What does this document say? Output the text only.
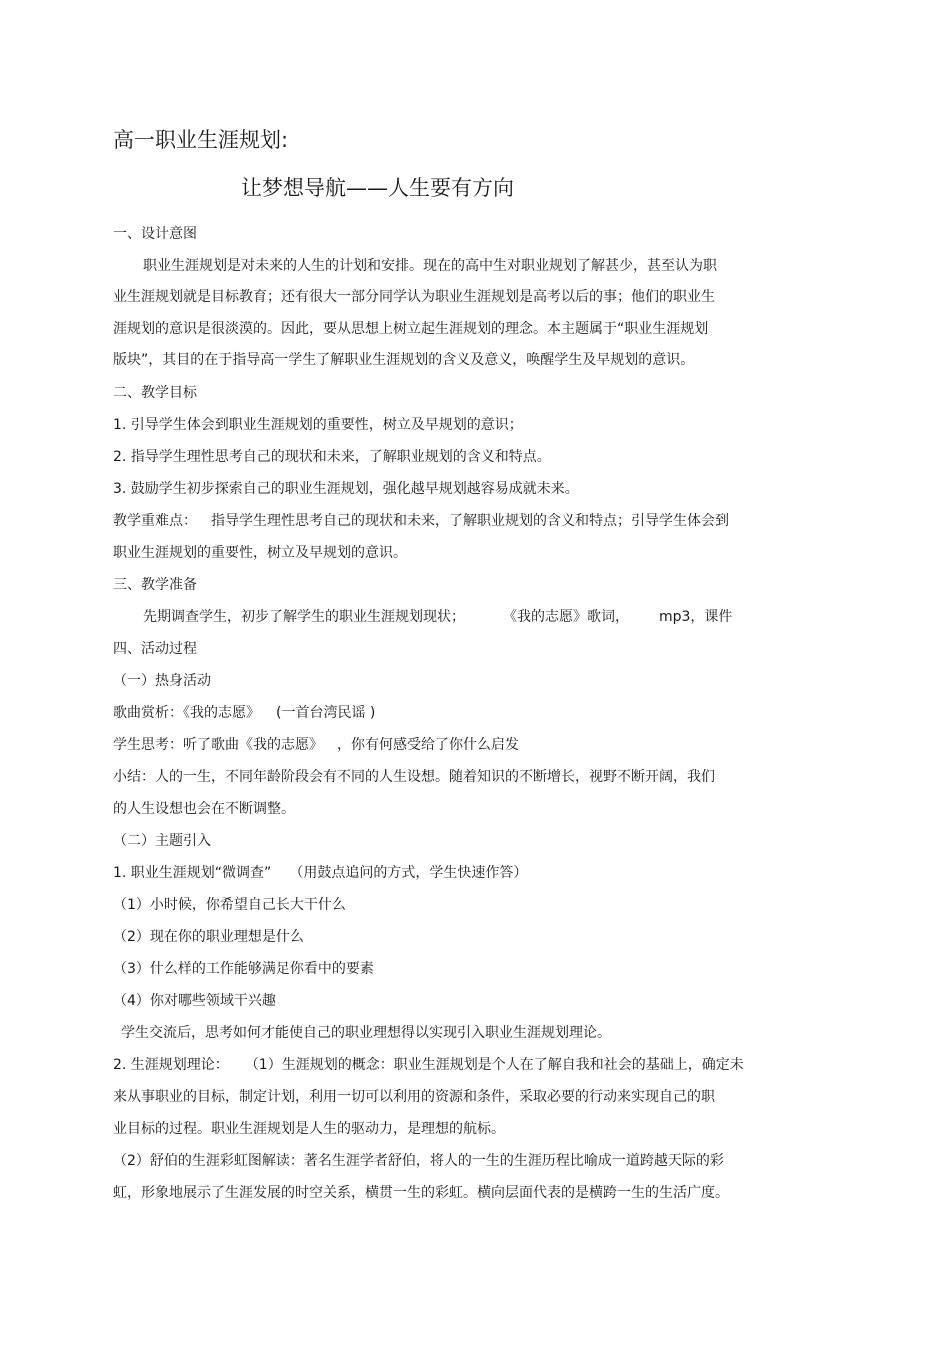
高一职业生涯规划:
让梦想导航——人生要有方向
一、设计意图
职业生涯规划是对未来的人生的计划和安排。现在的高中生对职业规划了解甚少，甚至认为职
业生涯规划就是目标教育；还有很大一部分同学认为职业生涯规划是高考以后的事；他们的职业生
涯规划的意识是很淡漠的。因此，要从思想上树立起生涯规划的理念。本主题属于“职业生涯规划
版块”，其目的在于指导高一学生了解职业生涯规划的含义及意义，唤醒学生及早规划的意识。
二、教学目标
1. 引导学生体会到职业生涯规划的重要性，树立及早规划的意识；
2. 指导学生理性思考自己的现状和未来，了解职业规划的含义和特点。
3. 鼓励学生初步探索自己的职业生涯规划，强化越早规划越容易成就未来。
教学重难点： 指导学生理性思考自己的现状和未来，了解职业规划的含义和特点；引导学生体会到
职业生涯规划的重要性，树立及早规划的意识。
三、教学准备
先期调查学生，初步了解学生的职业生涯规划现状；	《我的志愿》歌词， mp3，课件
四、活动过程
（一）热身活动
歌曲赏析：《我的志愿》 (一首台湾民谣 )
学生思考：听了歌曲《我的志愿》 ，你有何感受给了你什么启发
小结：人的一生，不同年龄阶段会有不同的人生设想。随着知识的不断增长，视野不断开阔，我们
的人生设想也会在不断调整。
（二）主题引入
1. 职业生涯规划“微调查” （用鼓点追问的方式，学生快速作答）
（1）小时候，你希望自己长大干什么
（2）现在你的职业理想是什么
（3）什么样的工作能够满足你看中的要素
（4）你对哪些领域干兴趣
学生交流后，思考如何才能使自己的职业理想得以实现引入职业生涯规划理论。
2. 生涯规划理论： （1）生涯规划的概念：职业生涯规划是个人在了解自我和社会的基础上，确定未
来从事职业的目标，制定计划，利用一切可以利用的资源和条件，采取必要的行动来实现自己的职
业目标的过程。职业生涯规划是人生的驱动力，是理想的航标。
（2）舒伯的生涯彩虹图解读：著名生涯学者舒伯，将人的一生的生涯历程比喻成一道跨越天际的彩
虹，形象地展示了生涯发展的时空关系，横贯一生的彩虹。横向层面代表的是横跨一生的生活广度。
